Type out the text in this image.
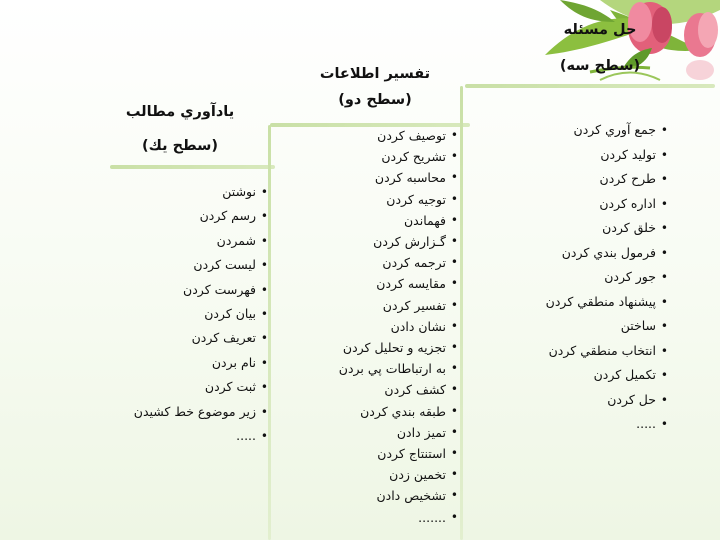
حل مسئله
(سطح سه)
• جمع آوري كردن
• توليد كردن
• طرح كردن
• اداره كردن
• خلق كردن
• فرمول بندي كردن
• جور كردن
• پيشنهاد منطقي كردن
• ساختن
• انتخاب منطقي كردن
• تكميل كردن
• حل كردن
• .....
تفسير اطلاعات
(سطح دو)
• توصيف كردن
• تشريح كردن
• محاسبه كردن
• توجيه كردن
• فهماندن
• گـزارش كردن
• ترجمه كردن
• مقايسه كردن
• تفسير كردن
• نشان دادن
• تجزيه و تحليل كردن
• به ارتباطات پي بردن
• كشف كردن
• طبقه بندي كردن
• تميز دادن
• استنتاج كردن
• تخمين زدن
• تشخيص دادن
• .......
ياد‌آوري مطالب
(سطح يك)
• نوشتن
• رسم كردن
• شمردن
• ليست كردن
• فهرست كردن
• بيان كردن
• تعريف كردن
• نام بردن
• ثبت كردن
• زير موضوع خط كشيدن
• .....
